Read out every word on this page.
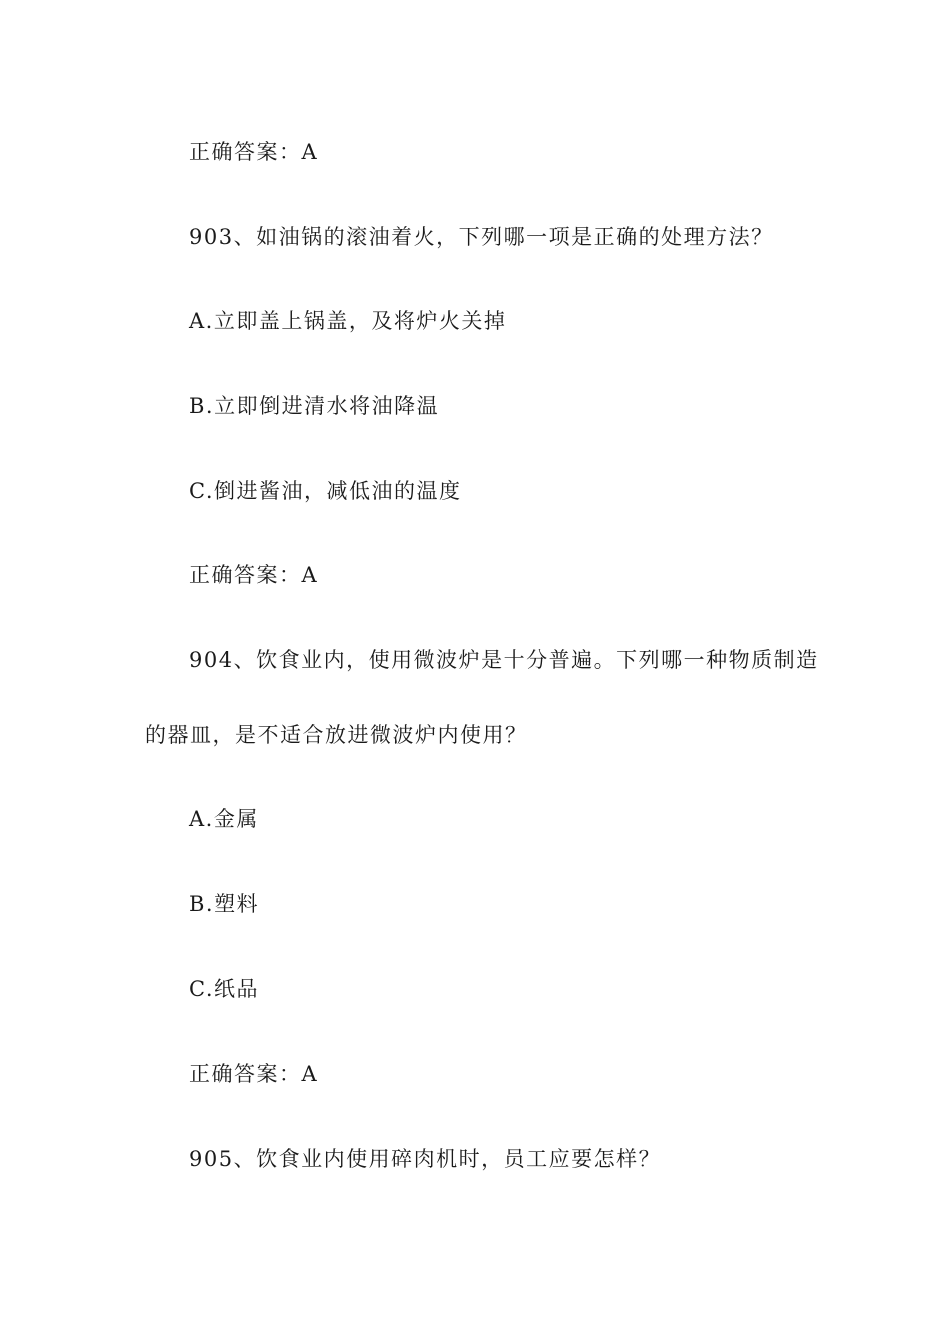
正确答案：A
903、如油锅的滚油着火，下列哪一项是正确的处理方法？
A.立即盖上锅盖，及将炉火关掉
B.立即倒进清水将油降温
C.倒进酱油，减低油的温度
正确答案：A
904、饮食业内，使用微波炉是十分普遍。下列哪一种物质制造
的器皿，是不适合放进微波炉内使用？
A.金属
B.塑料
C.纸品
正确答案：A
905、饮食业内使用碎肉机时，员工应要怎样？
